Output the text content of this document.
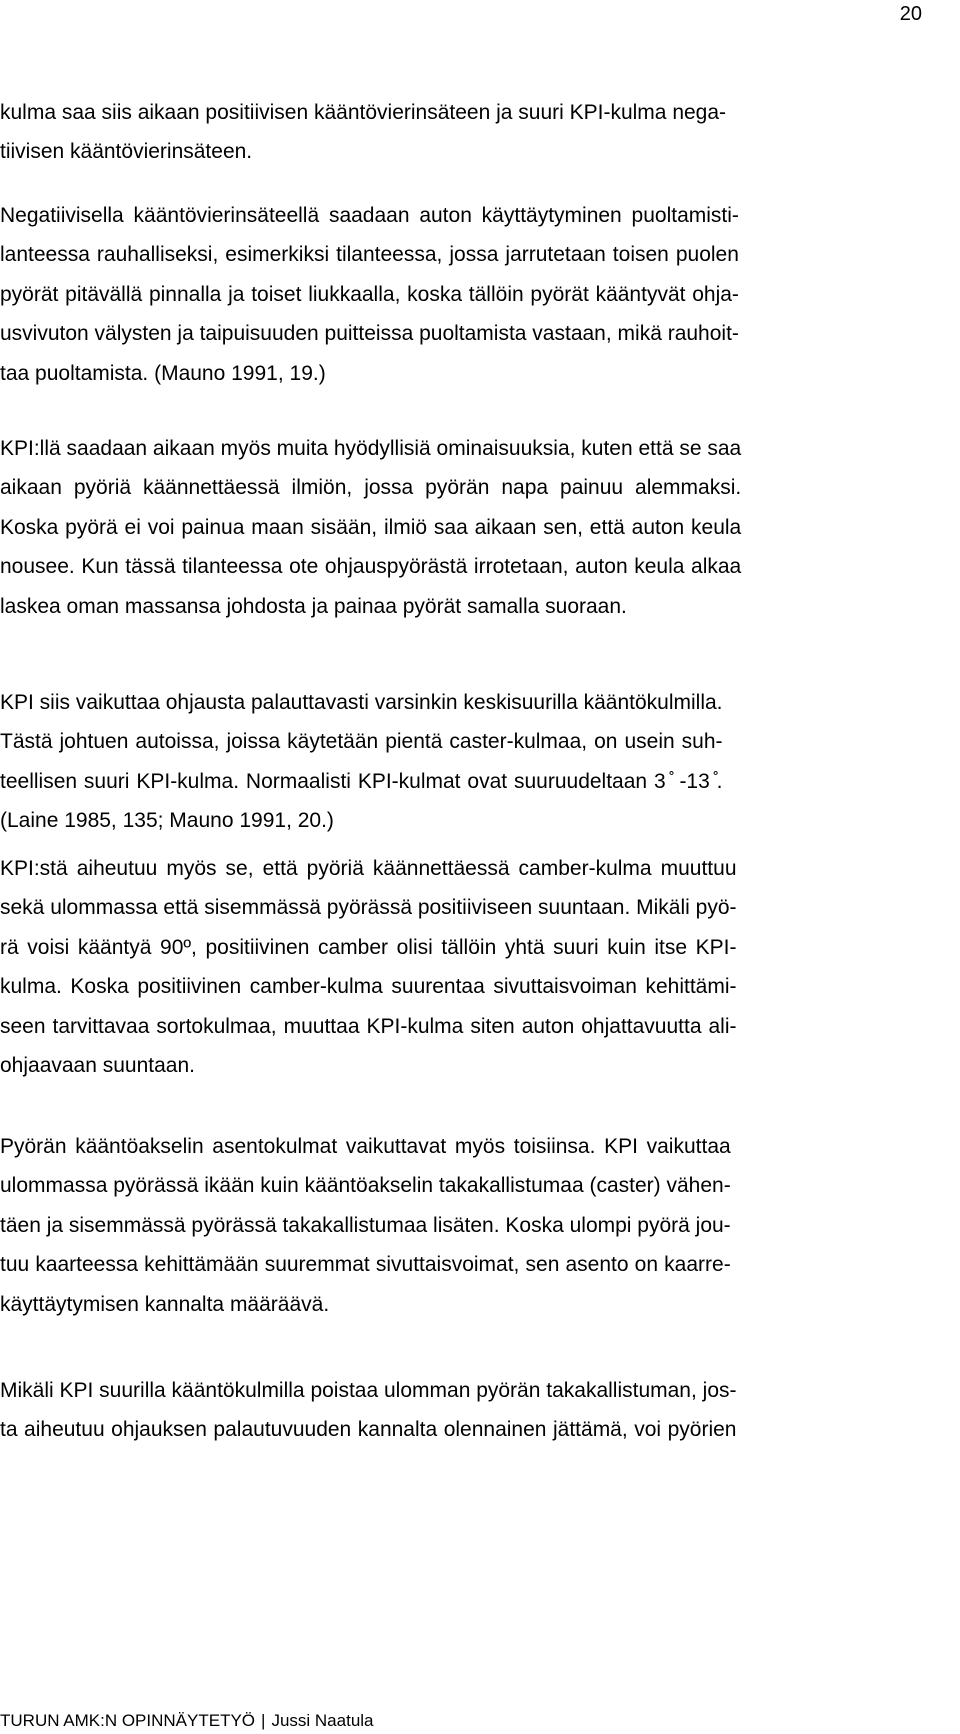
20
kulma saa siis aikaan positiivisen kääntövierinsäteen ja suuri KPI-kulma nega-
tiivisen kääntövierinsäteen.
Negatiivisella kääntövierinsäteellä saadaan auton käyttäytyminen puoltamisti-
lanteessa rauhalliseksi, esimerkiksi tilanteessa, jossa jarrutetaan toisen puolen
pyörät pitävällä pinnalla ja toiset liukkaalla, koska tällöin pyörät kääntyvät ohja-
usvivuton välysten ja taipuisuuden puitteissa puoltamista vastaan, mikä rauhoit-
taa puoltamista. (Mauno 1991, 19.)
KPI:llä saadaan aikaan myös muita hyödyllisiä ominaisuuksia, kuten että se saa
aikaan pyöriä käännettäessä ilmiön, jossa pyörän napa painuu alemmaksi.
Koska pyörä ei voi painua maan sisään, ilmiö saa aikaan sen, että auton keula
nousee. Kun tässä tilanteessa ote ohjauspyörästä irrotetaan, auton keula alkaa
laskea oman massansa johdosta ja painaa pyörät samalla suoraan.
KPI siis vaikuttaa ohjausta palauttavasti varsinkin keskisuurilla kääntökulmilla.
Tästä johtuen autoissa, joissa käytetään pientä caster-kulmaa, on usein suh-
teellisen suuri KPI-kulma. Normaalisti KPI-kulmat ovat suuruudeltaan 3 ̊ -13 ̊.
(Laine 1985, 135; Mauno 1991, 20.)
KPI:stä aiheutuu myös se, että pyöriä käännettäessä camber-kulma muuttuu
sekä ulommassa että sisemmässä pyörässä positiiviseen suuntaan. Mikäli pyö-
rä voisi kääntyä 90º, positiivinen camber olisi tällöin yhtä suuri kuin itse KPI-
kulma. Koska positiivinen camber-kulma suurentaa sivuttaisvoiman kehittämi-
seen tarvittavaa sortokulmaa, muuttaa KPI-kulma siten auton ohjattavuutta ali-
ohjaavaan suuntaan.
Pyörän kääntöakselin asentokulmat vaikuttavat myös toisiinsa. KPI vaikuttaa
ulommassa pyörässä ikään kuin kääntöakselin takakallistumaa (caster) vähen-
täen ja sisemmässä pyörässä takakallistumaa lisäten. Koska ulompi pyörä jou-
tuu kaarteessa kehittämään suuremmat sivuttaisvoimat, sen asento on kaarre-
käyttäytymisen kannalta määräävä.
Mikäli KPI suurilla kääntökulmilla poistaa ulomman pyörän takakallistuman, jos-
ta aiheutuu ohjauksen palautuvuuden kannalta olennainen jättämä, voi pyörien
TURUN AMK:N OPINNÄYTETYÖ | Jussi Naatula
